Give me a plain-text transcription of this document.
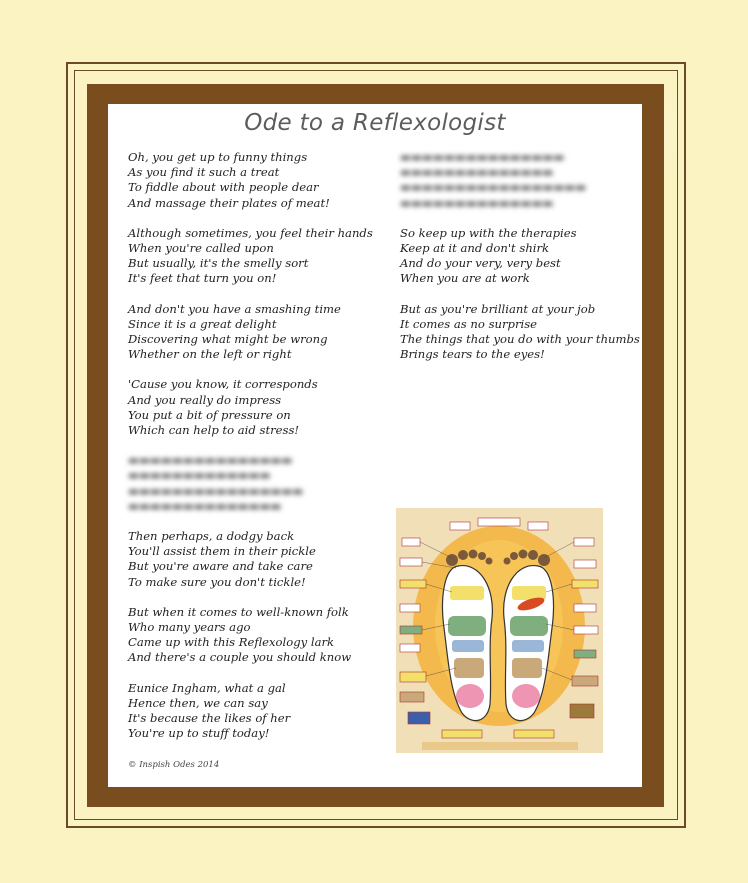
Ode to a Reflexologist
Oh, you get up to funny things
As you find it such a treat
To fiddle about with people dear
And massage their plates of meat!
Although sometimes, you feel their hands
When you're called upon
But usually, it's the smelly sort
It's feet that turn you on!
And don't you have a smashing time
Since it is a great delight
Discovering what might be wrong
Whether on the left or right
'Cause you know, it corresponds
And you really do impress
You put a bit of pressure on
Which can help to aid stress!
▬▬▬▬▬▬▬▬▬▬▬▬▬▬▬
▬▬▬▬▬▬▬▬▬▬▬▬▬
▬▬▬▬▬▬▬▬▬▬▬▬▬▬▬▬
▬▬▬▬▬▬▬▬▬▬▬▬▬▬
Then perhaps, a dodgy back
You'll assist them in their pickle
But you're aware and take care
To make sure you don't tickle!
But when it comes to well-known folk
Who many years ago
Came up with this Reflexology lark
And there's a couple you should know
Eunice Ingham, what a gal
Hence then, we can say
It's because the likes of her
You're up to stuff today!
▬▬▬▬▬▬▬▬▬▬▬▬▬▬▬
▬▬▬▬▬▬▬▬▬▬▬▬▬▬
▬▬▬▬▬▬▬▬▬▬▬▬▬▬▬▬▬
▬▬▬▬▬▬▬▬▬▬▬▬▬▬
So keep up with the therapies
Keep at it and don't shirk
And do your very, very best
When you are at work
But as you're brilliant at your job
It comes as no surprise
The things that you do with your thumbs
Brings tears to the eyes!
© Inspish Odes 2014
